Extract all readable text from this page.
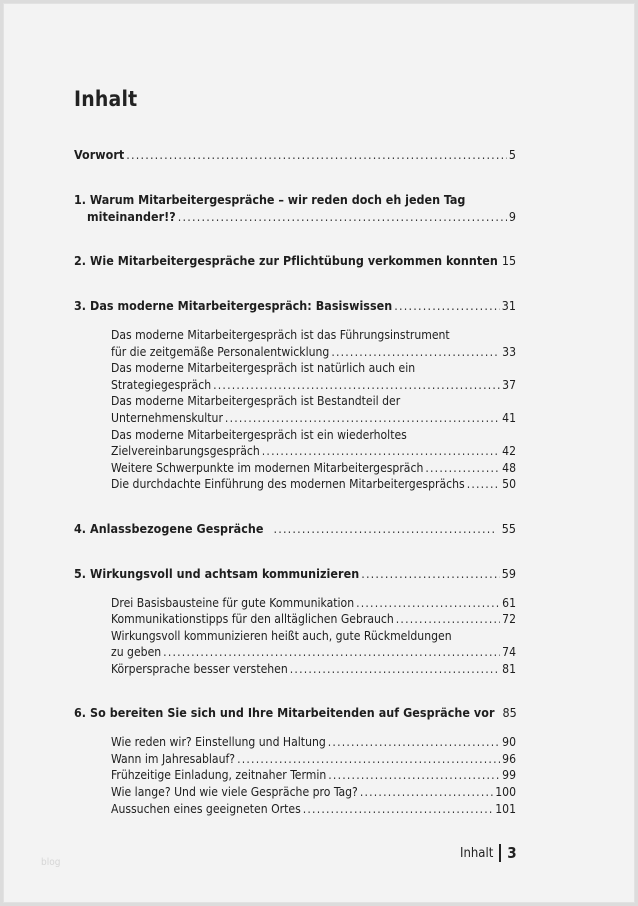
Inhalt
Vorwort .....	5
1. Warum Mitarbeitergespräche – wir reden doch eh jeden Tag
miteinander!? .....	9
2. Wie Mitarbeitergespräche zur Pflichtübung verkommen konnten 15
3. Das moderne Mitarbeitergespräch: Basiswissen .....	31
Das moderne Mitarbeitergespräch ist das Führungsinstrument
für die zeitgemäße Personalentwicklung .....	33
Das moderne Mitarbeitergespräch ist natürlich auch ein
Strategiegespräch .....	37
Das moderne Mitarbeitergespräch ist Bestandteil der
Unternehmenskultur .....	41
Das moderne Mitarbeitergespräch ist ein wiederholtes
Zielvereinbarungsgespräch .....	42
Weitere Schwerpunkte im modernen Mitarbeitergespräch .....	48
Die durchdachte Einführung des modernen Mitarbeitergesprächs .....	50
4. Anlassbezogene Gespräche .....	55
5. Wirkungsvoll und achtsam kommunizieren .....	59
Drei Basisbausteine für gute Kommunikation .....	61
Kommunikationstipps für den alltäglichen Gebrauch .....	72
Wirkungsvoll kommunizieren heißt auch, gute Rückmeldungen
zu geben .....	74
Körpersprache besser verstehen .....	81
6. So bereiten Sie sich und Ihre Mitarbeitenden auf Gespräche vor 85
Wie reden wir? Einstellung und Haltung .....	90
Wann im Jahresablauf? .....	96
Frühzeitige Einladung, zeitnaher Termin .....	99
Wie lange? Und wie viele Gespräche pro Tag? .....	100
Aussuchen eines geeigneten Ortes .....	101
blog
Inhalt 3
